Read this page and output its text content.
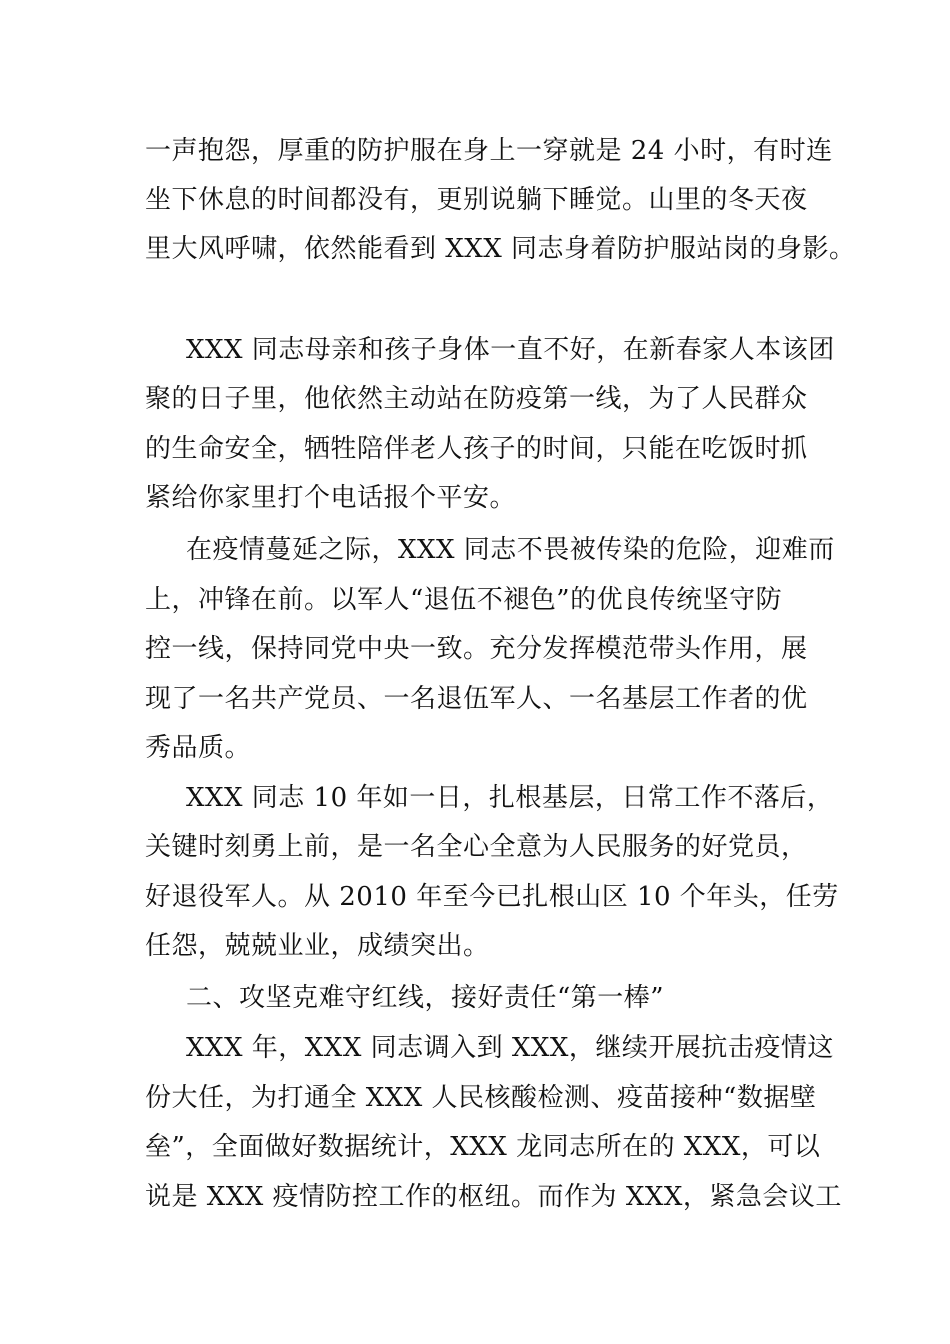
一声抱怨，厚重的防护服在身上一穿就是 24 小时，有时连
坐下休息的时间都没有，更别说躺下睡觉。山里的冬天夜
里大风呼啸，依然能看到 XXX 同志身着防护服站岗的身影。
XXX 同志母亲和孩子身体一直不好，在新春家人本该团
聚的日子里，他依然主动站在防疫第一线，为了人民群众
的生命安全，牺牲陪伴老人孩子的时间，只能在吃饭时抓
紧给你家里打个电话报个平安。
在疫情蔓延之际，XXX 同志不畏被传染的危险，迎难而
上，冲锋在前。以军人“退伍不褪色”的优良传统坚守防
控一线，保持同党中央一致。充分发挥模范带头作用，展
现了一名共产党员、一名退伍军人、一名基层工作者的优
秀品质。
XXX 同志 10 年如一日，扎根基层，日常工作不落后，
关键时刻勇上前，是一名全心全意为人民服务的好党员，
好退役军人。从 2010 年至今已扎根山区 10 个年头，任劳
任怨，兢兢业业，成绩突出。
二、攻坚克难守红线，接好责任“第一棒”
XXX 年，XXX 同志调入到 XXX，继续开展抗击疫情这
份大任，为打通全 XXX 人民核酸检测、疫苗接种“数据壁
垒”，全面做好数据统计，XXX 龙同志所在的 XXX，可以
说是 XXX 疫情防控工作的枢纽。而作为 XXX，紧急会议工
